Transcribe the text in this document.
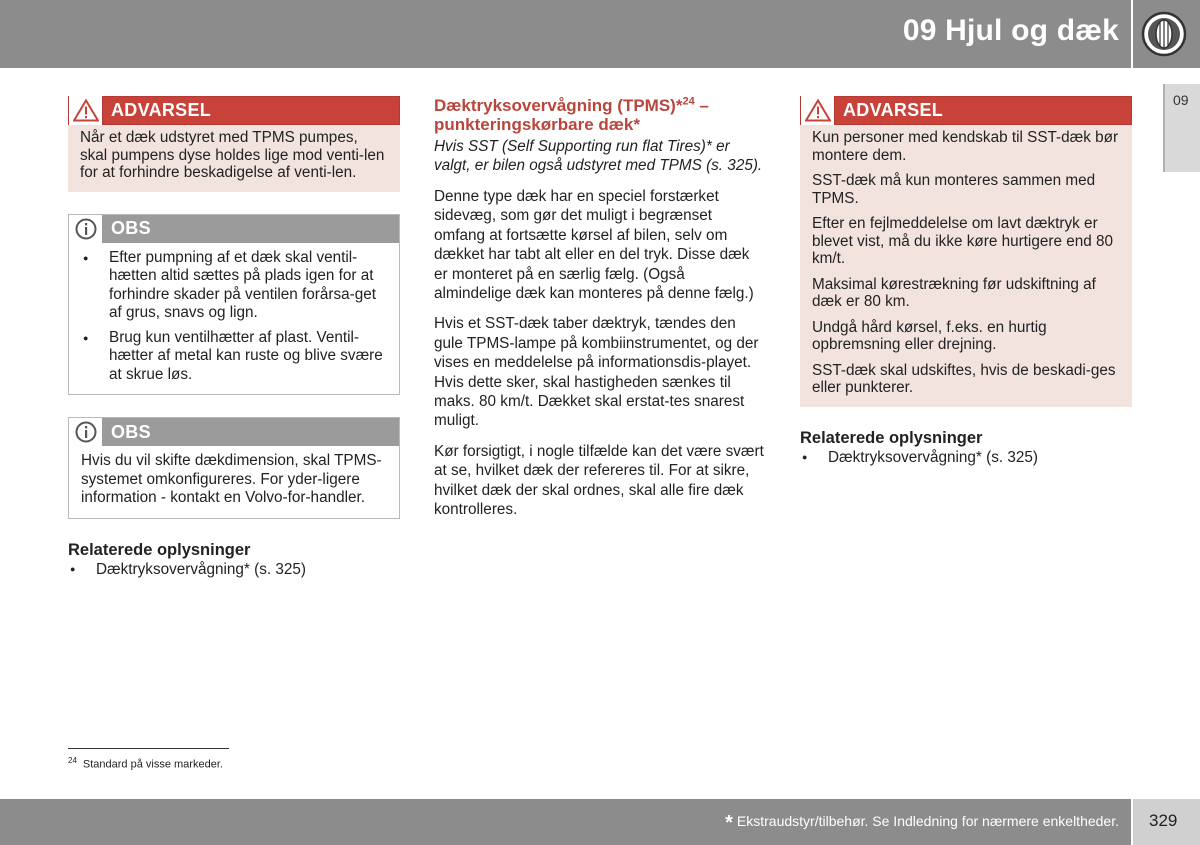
09 Hjul og dæk
09
ADVARSEL

Når et dæk udstyret med TPMS pumpes, skal pumpens dyse holdes lige mod venti-len for at forhindre beskadigelse af venti-len.

OBS
● Efter pumpning af et dæk skal ventil-hætten altid sættes på plads igen for at forhindre skader på ventilen forårsa-get af grus, snavs og lign.
● Brug kun ventilhætter af plast. Ventil-hætter af metal kan ruste og blive svære at skrue løs.
OBS

Hvis du vil skifte dækdimension, skal TPMS-systemet omkonfigureres. For yder-ligere information - kontakt en Volvo-for-handler.

Relaterede oplysninger
● Dæktryksovervågning* (s. 325)
Dæktryksovervågning (TPMS)*$^{24}$ – punkteringskørbare dæk*
Hvis SST (Self Supporting run flat Tires)* er valgt, er bilen også udstyret med TPMS (s. 325).

Denne type dæk har en speciel forstærket sidevæg, som gør det muligt i begrænset omfang at fortsætte kørsel af bilen, selv om dækket har tabt alt eller en del tryk. Disse dæk er monteret på en særlig fælg. (Også almindelige dæk kan monteres på denne fælg.)

Hvis et SST-dæk taber dæktryk, tændes den gule TPMS-lampe på kombiinstrumentet, og der vises en meddelelse på informationsdis-playet. Hvis dette sker, skal hastigheden sænkes til maks. 80 km/t. Dækket skal erstat-tes snarest muligt.

Kør forsigtigt, i nogle tilfælde kan det være svært at se, hvilket dæk der refereres til. For at sikre, hvilket dæk der skal ordnes, skal alle fire dæk kontrolleres.

ADVARSEL

Kun personer med kendskab til SST-dæk bør montere dem.

SST-dæk må kun monteres sammen med TPMS.

Efter en fejlmeddelelse om lavt dæktryk er blevet vist, må du ikke køre hurtigere end 80 km/t.

Maksimal kørestrækning før udskiftning af dæk er 80 km.

Undgå hård kørsel, f.eks. en hurtig opbremsning eller drejning.

SST-dæk skal udskiftes, hvis de beskadi-ges eller punkterer.

Relaterede oplysninger
● Dæktryksovervågning* (s. 325)
$^{24}$ Standard på visse markeder.
* Ekstraudstyr/tilbehør. Se Indledning for nærmere enkeltheder. 329
